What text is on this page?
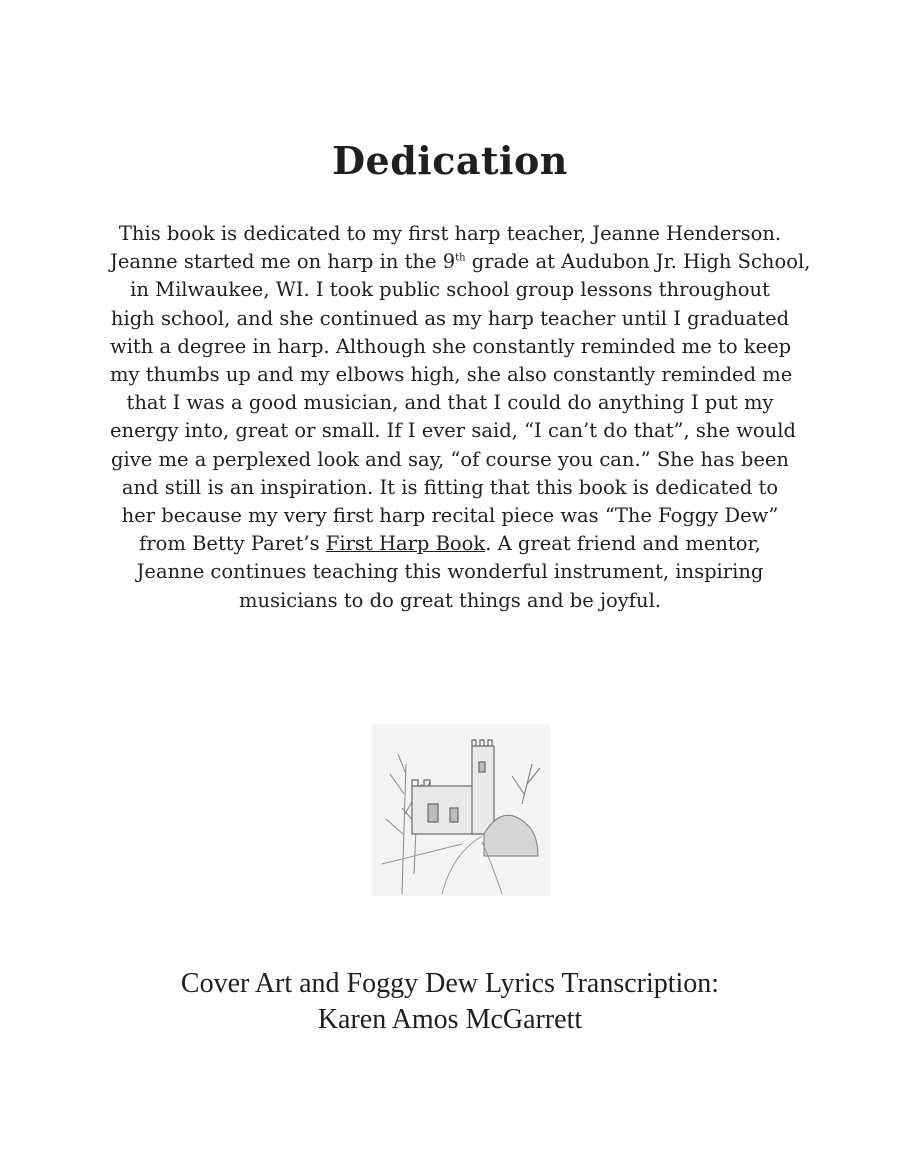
Dedication

This book is dedicated to my first harp teacher, Jeanne Henderson.
Jeanne started me on harp in the 9th grade at Audubon Jr. High School,
in Milwaukee, WI. I took public school group lessons throughout
high school, and she continued as my harp teacher until I graduated
with a degree in harp. Although she constantly reminded me to keep
my thumbs up and my elbows high, she also constantly reminded me
that I was a good musician, and that I could do anything I put my
energy into, great or small. If I ever said, “I can’t do that”, she would
give me a perplexed look and say, “of course you can.” She has been
and still is an inspiration. It is fitting that this book is dedicated to
her because my very first harp recital piece was “The Foggy Dew”
from Betty Paret’s First Harp Book. A great friend and mentor,
Jeanne continues teaching this wonderful instrument, inspiring
musicians to do great things and be joyful.

Cover Art and Foggy Dew Lyrics Transcription:
Karen Amos McGarrett
